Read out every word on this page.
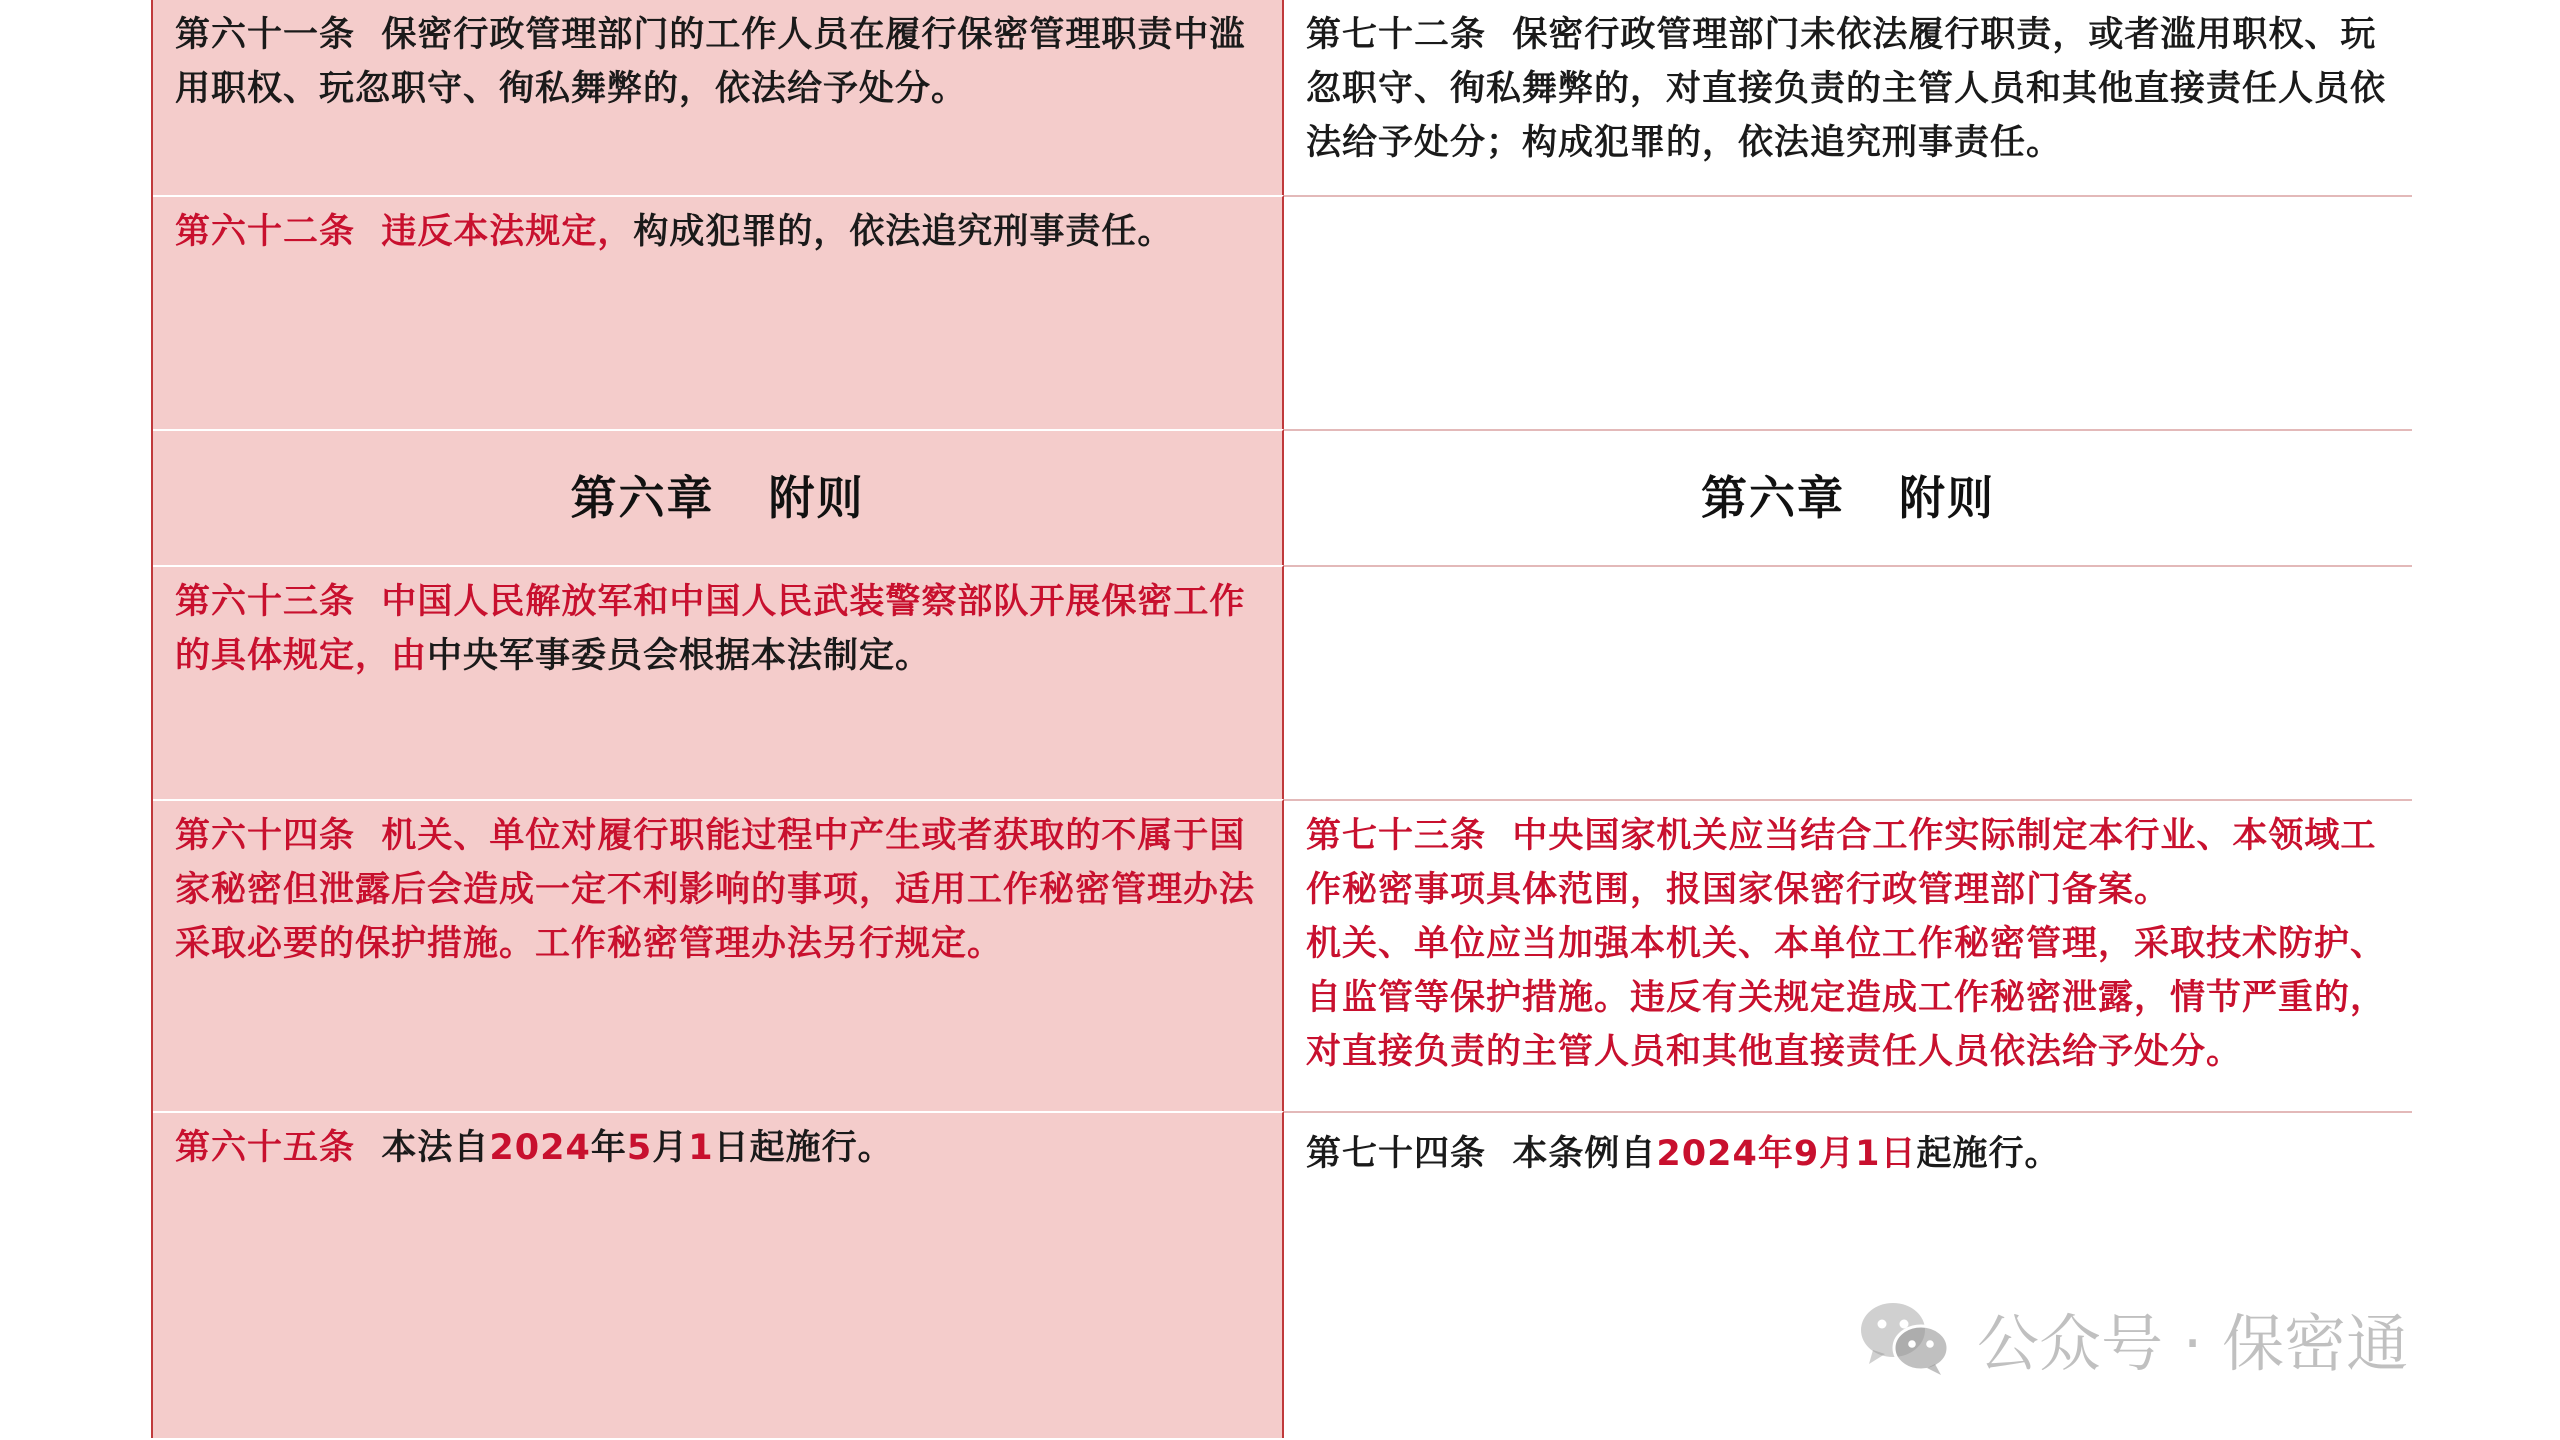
第六十一条 保密行政管理部门的工作人员在履行保密管理职责中滥用职权、玩忽职守、徇私舞弊的，依法给予处分。
第七十二条 保密行政管理部门未依法履行职责，或者滥用职权、玩忽职守、徇私舞弊的，对直接负责的主管人员和其他直接责任人员依法给予处分；构成犯罪的，依法追究刑事责任。
第六十二条 违反本法规定，构成犯罪的，依法追究刑事责任。
第六章 附则	第六章 附则
第六十三条 中国人民解放军和中国人民武装警察部队开展保密工作的具体规定，由中央军事委员会根据本法制定。
第六十四条 机关、单位对履行职能过程中产生或者获取的不属于国家秘密但泄露后会造成一定不利影响的事项，适用工作秘密管理办法采取必要的保护措施。工作秘密管理办法另行规定。
第七十三条 中央国家机关应当结合工作实际制定本行业、本领域工作秘密事项具体范围，报国家保密行政管理部门备案。
机关、单位应当加强本机关、本单位工作秘密管理，采取技术防护、自监管等保护措施。违反有关规定造成工作秘密泄露，情节严重的，对直接负责的主管人员和其他直接责任人员依法给予处分。
第六十五条 本法自2024年5月1日起施行。	第七十四条 本条例自2024年9月1日起施行。
公众号 · 保密通
